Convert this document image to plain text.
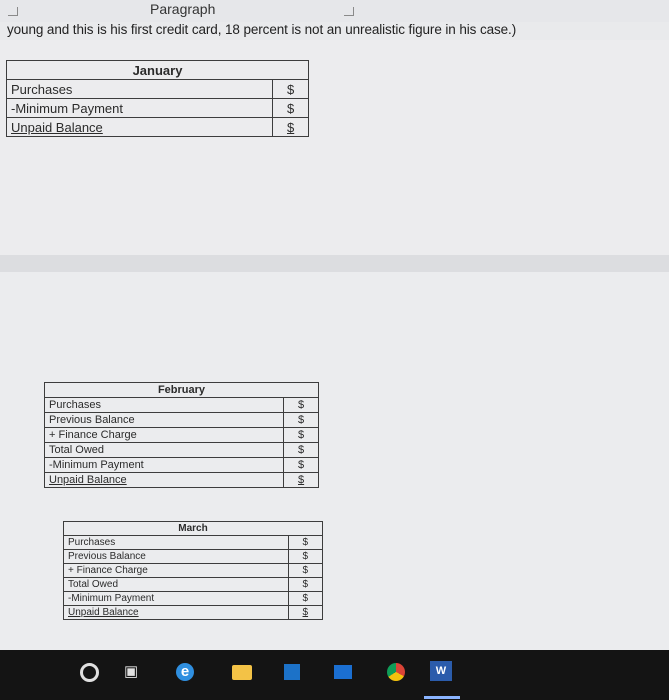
Paragraph
young and this is his first credit card, 18 percent is not an unrealistic figure in his case.)
January	
Purchases	$
-Minimum Payment	$
Unpaid Balance	$
February	
Purchases	$
Previous Balance	$
+ Finance Charge	$
Total Owed	$
-Minimum Payment	$
Unpaid Balance	$
March	
Purchases	$
Previous Balance	$
+ Finance Charge	$
Total Owed	$
-Minimum Payment	$
Unpaid Balance	$
▣	e	W
